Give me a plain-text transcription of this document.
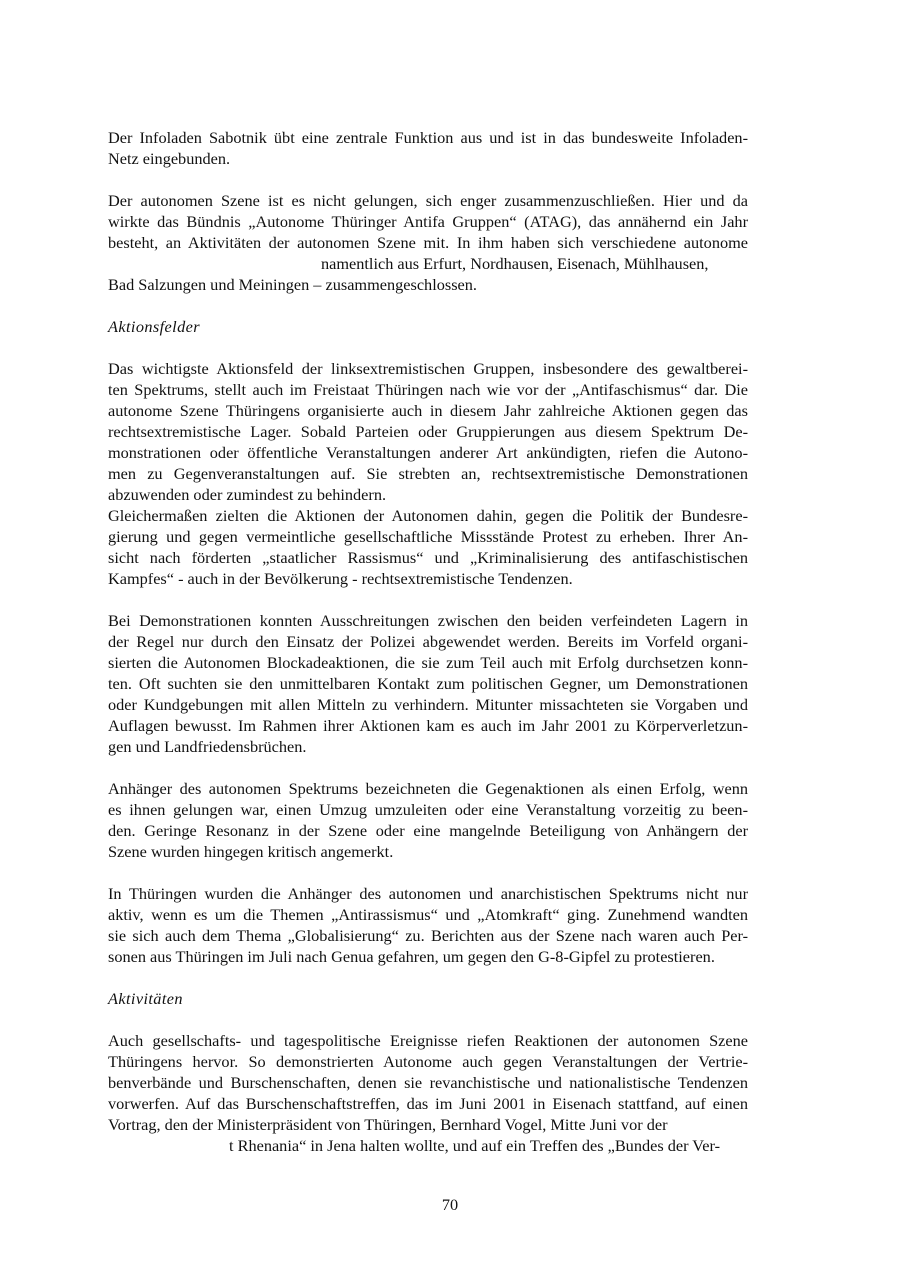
Der Infoladen Sabotnik übt eine zentrale Funktion aus und ist in das bundesweite Infoladen-
Netz eingebunden.
Der autonomen Szene ist es nicht gelungen, sich enger zusammenzuschließen. Hier und da
wirkte das Bündnis „Autonome Thüringer Antifa Gruppen“ (ATAG), das annähernd ein Jahr
besteht, an Aktivitäten der autonomen Szene mit. In ihm haben sich verschiedene autonome
namentlich aus Erfurt, Nordhausen, Eisenach, Mühlhausen,
Bad Salzungen und Meiningen – zusammengeschlossen.
Aktionsfelder
Das wichtigste Aktionsfeld der linksextremistischen Gruppen, insbesondere des gewaltberei-
ten Spektrums, stellt auch im Freistaat Thüringen nach wie vor der „Antifaschismus“ dar. Die
autonome Szene Thüringens organisierte auch in diesem Jahr zahlreiche Aktionen gegen das
rechtsextremistische Lager. Sobald Parteien oder Gruppierungen aus diesem Spektrum De-
monstrationen oder öffentliche Veranstaltungen anderer Art ankündigten, riefen die Autono-
men zu Gegenveranstaltungen auf. Sie strebten an, rechtsextremistische Demonstrationen
abzuwenden oder zumindest zu behindern.
Gleichermaßen zielten die Aktionen der Autonomen dahin, gegen die Politik der Bundesre-
gierung und gegen vermeintliche gesellschaftliche Missstände Protest zu erheben. Ihrer An-
sicht nach förderten „staatlicher Rassismus“ und „Kriminalisierung des antifaschistischen
Kampfes“ - auch in der Bevölkerung - rechtsextremistische Tendenzen.
Bei Demonstrationen konnten Ausschreitungen zwischen den beiden verfeindeten Lagern in
der Regel nur durch den Einsatz der Polizei abgewendet werden. Bereits im Vorfeld organi-
sierten die Autonomen Blockadeaktionen, die sie zum Teil auch mit Erfolg durchsetzen konn-
ten. Oft suchten sie den unmittelbaren Kontakt zum politischen Gegner, um Demonstrationen
oder Kundgebungen mit allen Mitteln zu verhindern. Mitunter missachteten sie Vorgaben und
Auflagen bewusst. Im Rahmen ihrer Aktionen kam es auch im Jahr 2001 zu Körperverletzun-
gen und Landfriedensbrüchen.
Anhänger des autonomen Spektrums bezeichneten die Gegenaktionen als einen Erfolg, wenn
es ihnen gelungen war, einen Umzug umzuleiten oder eine Veranstaltung vorzeitig zu been-
den. Geringe Resonanz in der Szene oder eine mangelnde Beteiligung von Anhängern der
Szene wurden hingegen kritisch angemerkt.
In Thüringen wurden die Anhänger des autonomen und anarchistischen Spektrums nicht nur
aktiv, wenn es um die Themen „Antirassismus“ und „Atomkraft“ ging. Zunehmend wandten
sie sich auch dem Thema „Globalisierung“ zu. Berichten aus der Szene nach waren auch Per-
sonen aus Thüringen im Juli nach Genua gefahren, um gegen den G-8-Gipfel zu protestieren.
Aktivitäten
Auch gesellschafts- und tagespolitische Ereignisse riefen Reaktionen der autonomen Szene
Thüringens hervor. So demonstrierten Autonome auch gegen Veranstaltungen der Vertrie-
benverbände und Burschenschaften, denen sie revanchistische und nationalistische Tendenzen
vorwerfen. Auf das Burschenschaftstreffen, das im Juni 2001 in Eisenach stattfand, auf einen
Vortrag, den der Ministerpräsident von Thüringen, Bernhard Vogel, Mitte Juni vor der
t Rhenania“ in Jena halten wollte, und auf ein Treffen des „Bundes der Ver-
70
